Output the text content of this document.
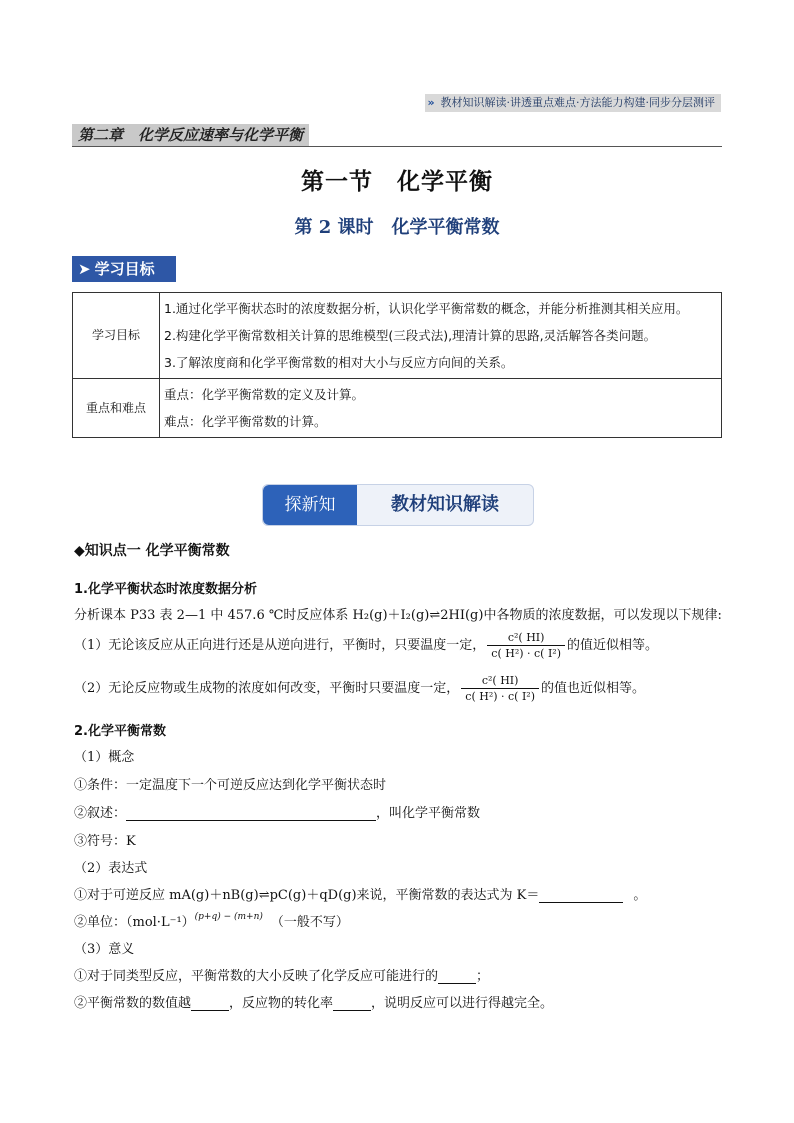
» 教材知识解读·讲透重点难点·方法能力构建·同步分层测评
第二章　化学反应速率与化学平衡
第一节　化学平衡
第 2 课时　化学平衡常数
➤ 学习目标
学习目标	1.通过化学平衡状态时的浓度数据分析，认识化学平衡常数的概念，并能分析推测其相关应用。
2.构建化学平衡常数相关计算的思维模型(三段式法),理清计算的思路,灵活解答各类问题。
3.了解浓度商和化学平衡常数的相对大小与反应方向间的关系。

重点和难点	重点：化学平衡常数的定义及计算。
难点：化学平衡常数的计算。
探新知	教材知识解读
◆知识点一 化学平衡常数
1.化学平衡状态时浓度数据分析
分析课本 P33 表 2—1 中 457.6 ℃时反应体系 H₂(g)＋I₂(g)⇌2HI(g)中各物质的浓度数据，可以发现以下规律:
（1）无论该反应从正向进行还是从逆向进行，平衡时，只要温度一定， $\frac{\text{c²( HI)}}{\text{c( H²) · c( I²)}}$ 的值近似相等。
（2）无论反应物或生成物的浓度如何改变，平衡时只要温度一定， $\frac{\text{c²( HI)}}{\text{c( H²) · c( I²)}}$ 的值也近似相等。
2.化学平衡常数
（1）概念
①条件：一定温度下一个可逆反应达到化学平衡状态时
②叙述：	，叫化学平衡常数
③符号：K
（2）表达式
①对于可逆反应 mA(g)＋nB(g)⇌pC(g)＋qD(g)来说，平衡常数的表达式为 K＝	。
②单位：$(mol\cdot L^{-1})^{(p+q) - (m+n)}$ （一般不写）
（3）意义
①对于同类型反应，平衡常数的大小反映了化学反应可能进行的	；
②平衡常数的数值越	，反应物的转化率	，说明反应可以进行得越完全。
